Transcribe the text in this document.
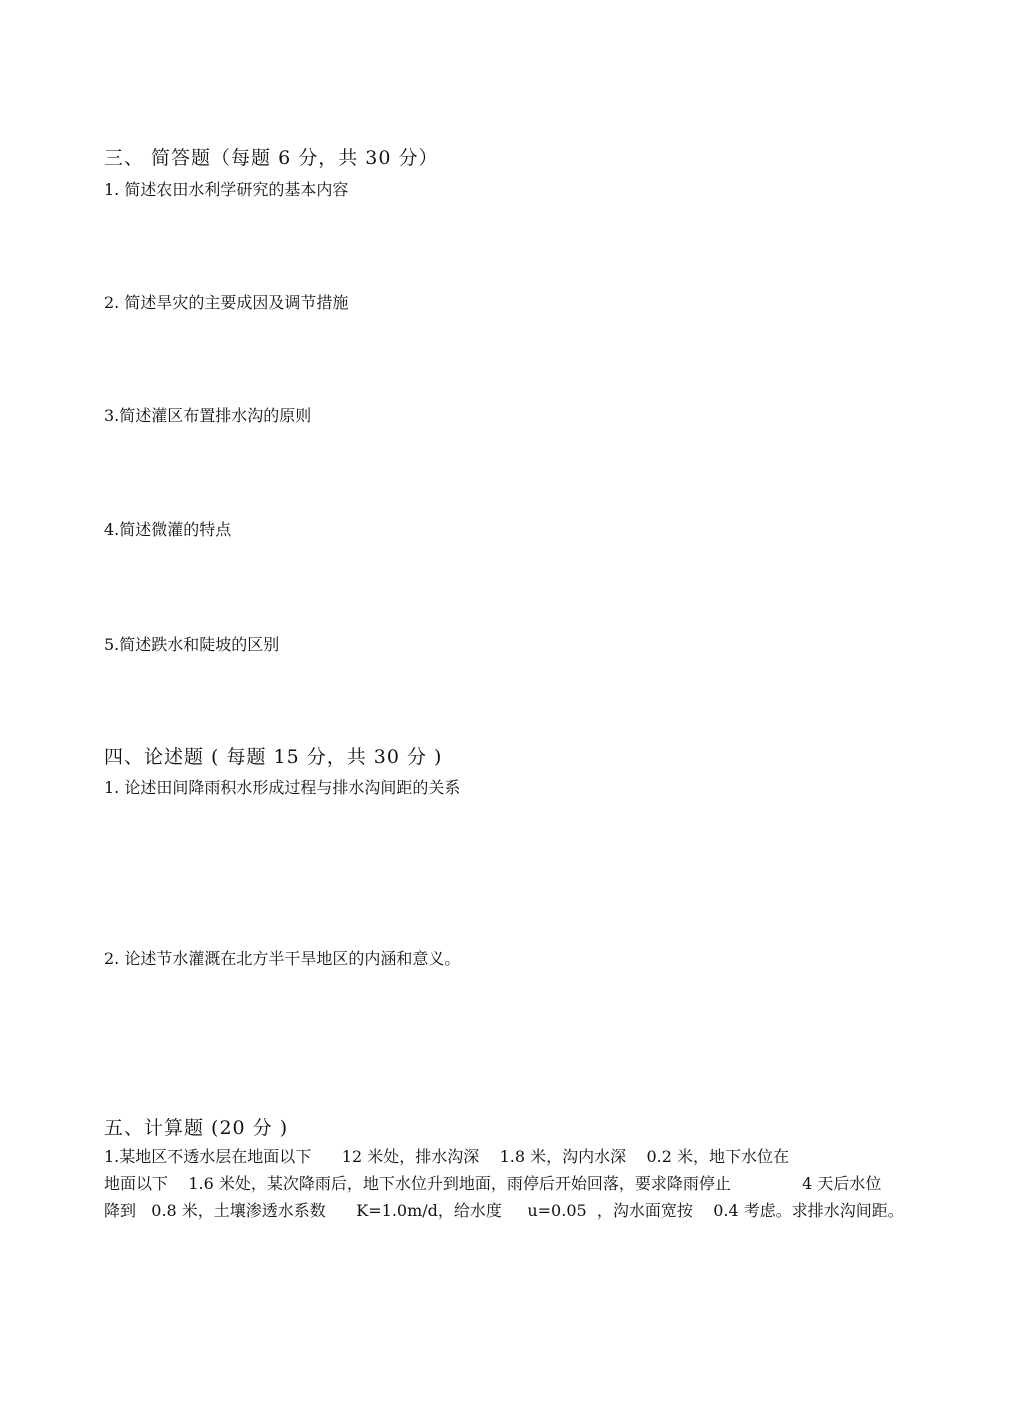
三、 简答题（每题 6 分，共 30 分）
1. 简述农田水利学研究的基本内容
2. 简述旱灾的主要成因及调节措施
3.简述灌区布置排水沟的原则
4.简述微灌的特点
5.简述跌水和陡坡的区别
四、论述题 ( 每题 15 分，共 30 分 )
1. 论述田间降雨积水形成过程与排水沟间距的关系
2. 论述节水灌溉在北方半干旱地区的内涵和意义。
五、计算题 (20 分 )
1.某地区不透水层在地面以下      12 米处，排水沟深    1.8 米，沟内水深    0.2 米，地下水位在
地面以下    1.6 米处，某次降雨后，地下水位升到地面，雨停后开始回落，要求降雨停止              4 天后水位
降到   0.8 米，土壤渗透水系数      K=1.0m/d，给水度     u=0.05  ，沟水面宽按    0.4 考虑。求排水沟间距。
